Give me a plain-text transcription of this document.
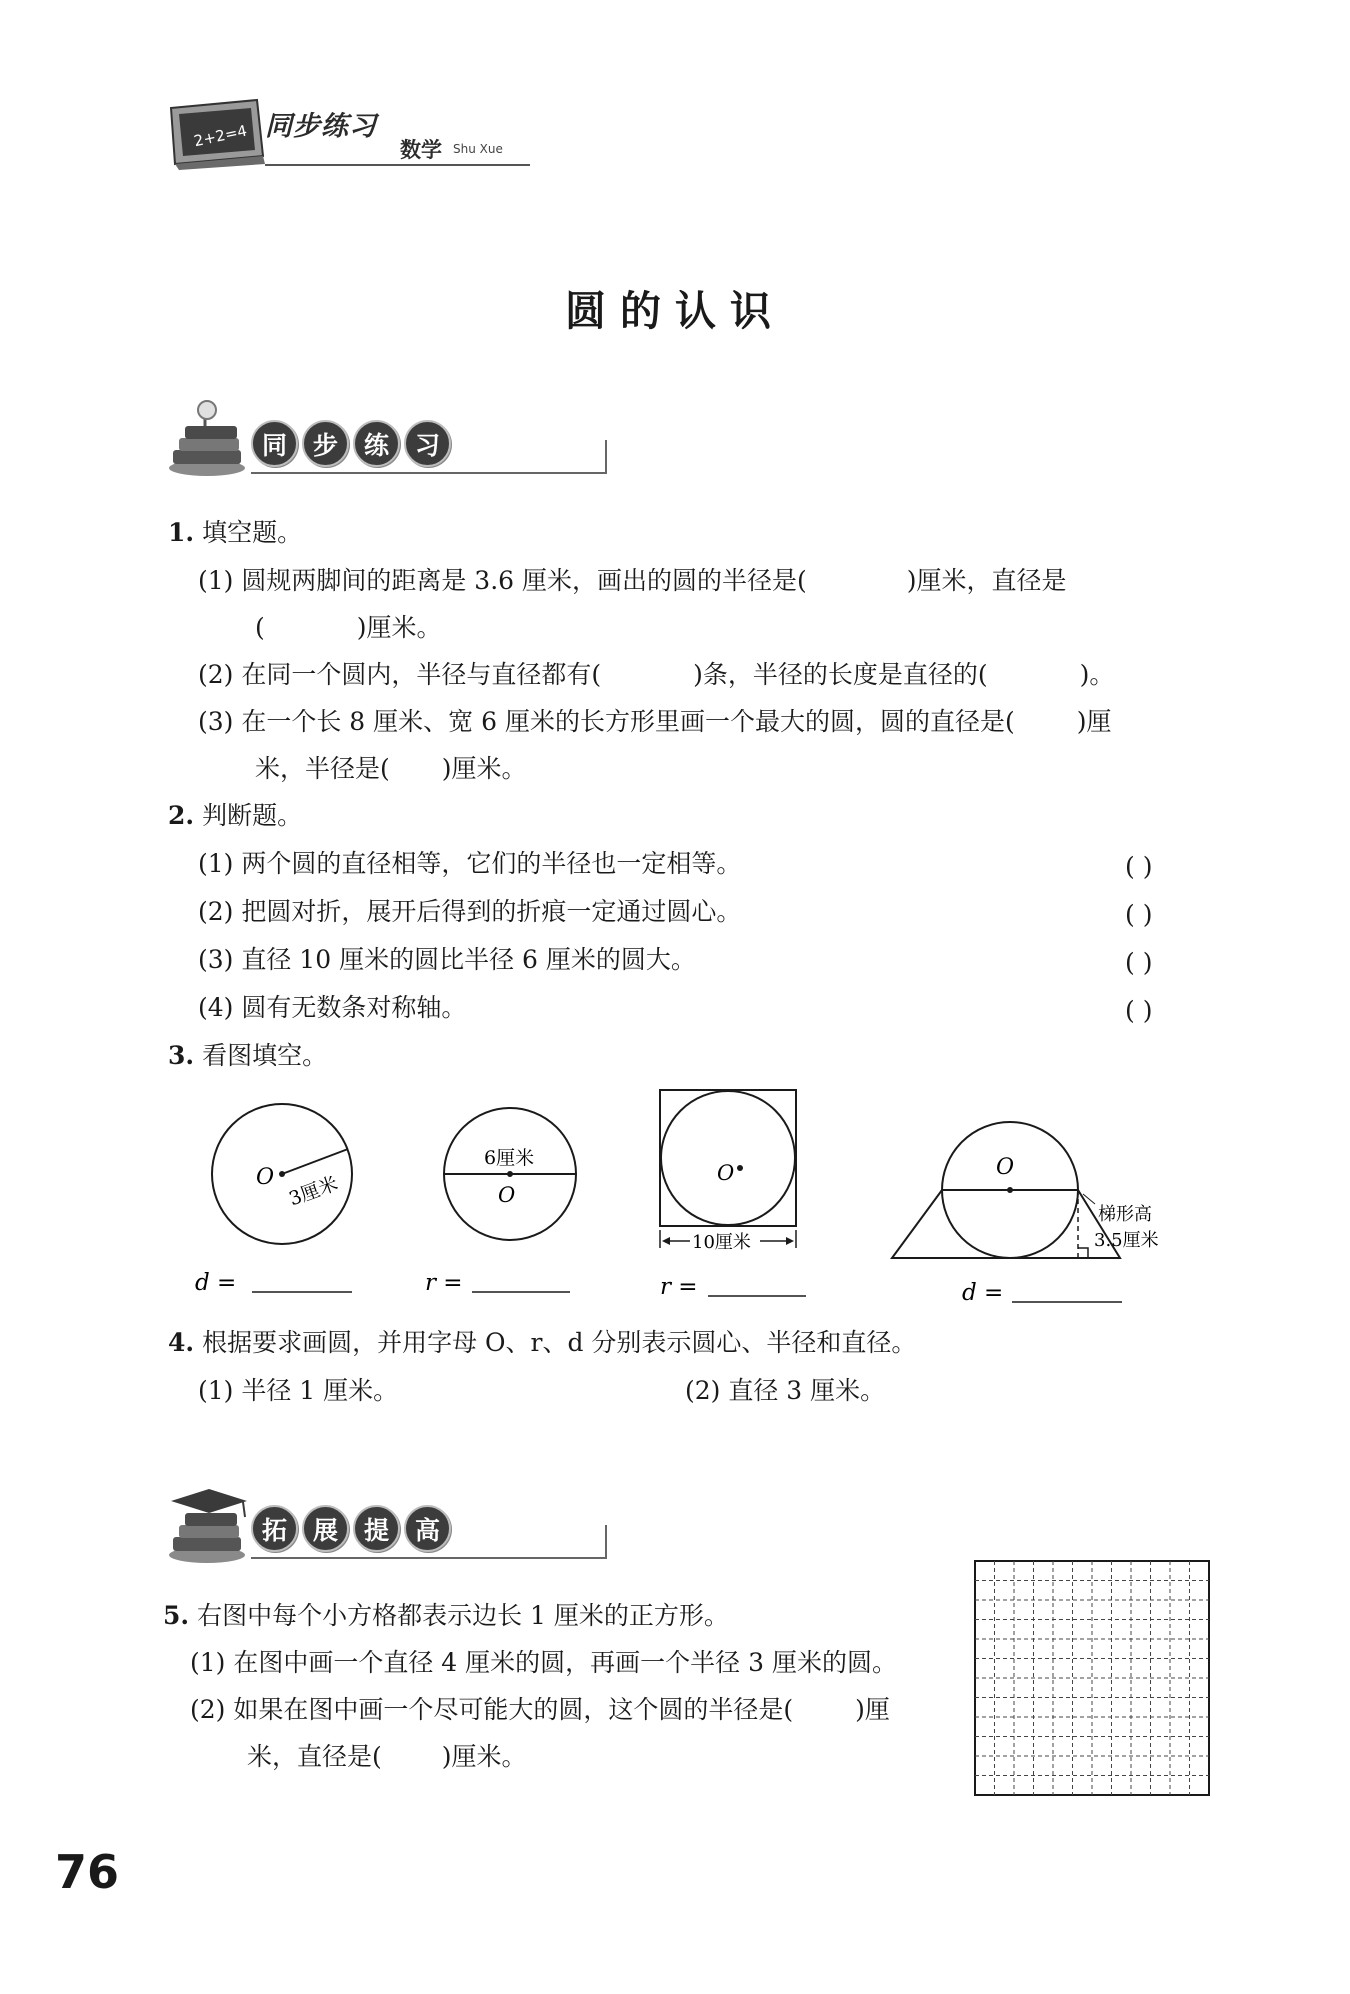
2+2=4 同步练习
数学 Shu Xue
圆的认识
同	步	练	习
1. 填空题。
(1) 圆规两脚间的距离是 3.6 厘米，画出的圆的半径是(	)厘米，直径是
(	)厘米。
(2) 在同一个圆内，半径与直径都有(	)条，半径的长度是直径的(	)。
(3) 在一个长 8 厘米、宽 6 厘米的长方形里画一个最大的圆，圆的直径是( )厘
米，半径是( )厘米。
2. 判断题。
(1) 两个圆的直径相等，它们的半径也一定相等。	( )
(2) 把圆对折，展开后得到的折痕一定通过圆心。	( )
(3) 直径 10 厘米的圆比半径 6 厘米的圆大。	( )
(4) 圆有无数条对称轴。	( )
3. 看图填空。
O 3厘米
d =
6厘米
O
r =
O
10厘米
r =
O
梯形高
3.5厘米
d =
4. 根据要求画圆，并用字母 O、r、d 分别表示圆心、半径和直径。
(1) 半径 1 厘米。	(2) 直径 3 厘米。
拓	展	提	高
5. 右图中每个小方格都表示边长 1 厘米的正方形。
(1) 在图中画一个直径 4 厘米的圆，再画一个半径 3 厘米的圆。
(2) 如果在图中画一个尽可能大的圆，这个圆的半径是( )厘
米，直径是( )厘米。
76
